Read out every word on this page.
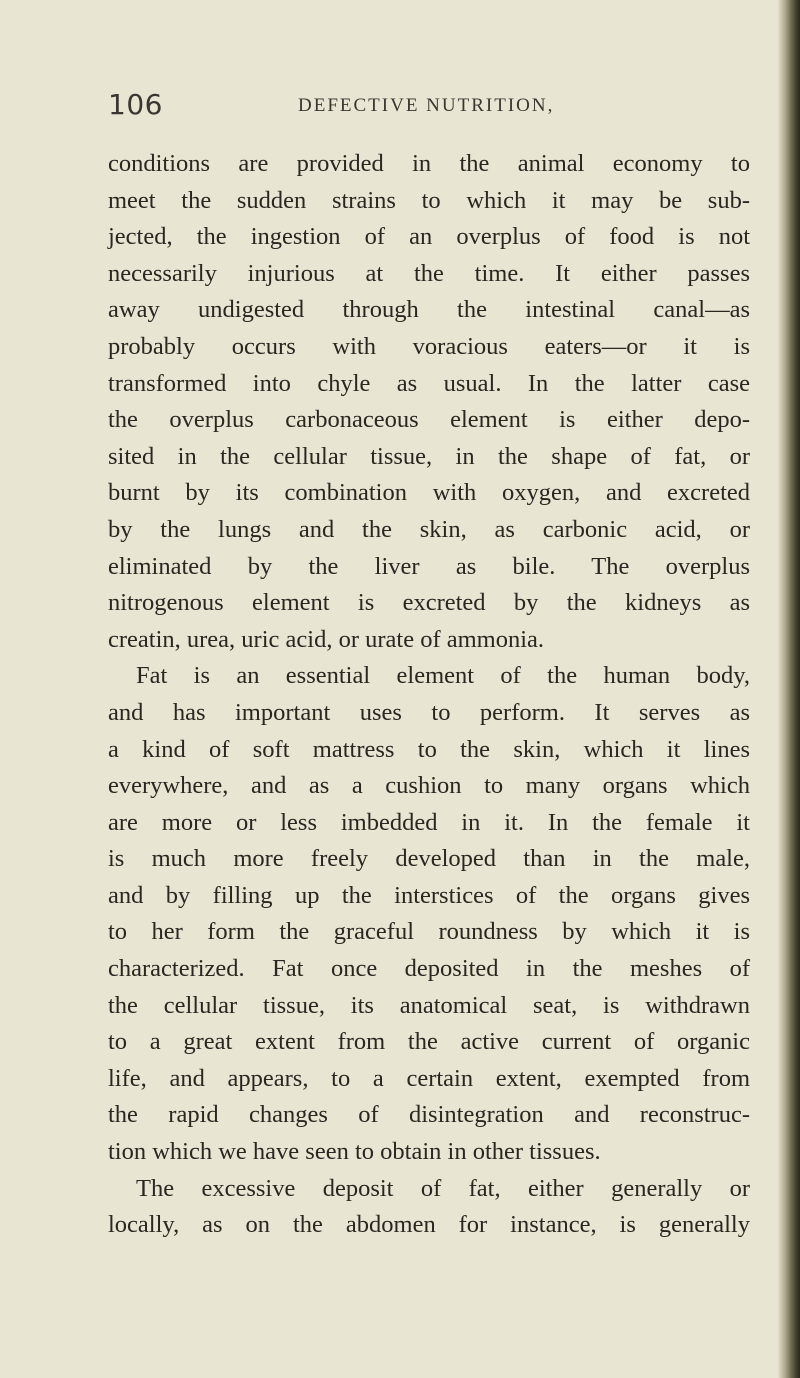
106	DEFECTIVE NUTRITION,
conditions are provided in the animal economy to
meet the sudden strains to which it may be sub-
jected, the ingestion of an overplus of food is not
necessarily injurious at the time. It either passes
away undigested through the intestinal canal—as
probably occurs with voracious eaters—or it is
transformed into chyle as usual. In the latter case
the overplus carbonaceous element is either depo-
sited in the cellular tissue, in the shape of fat, or
burnt by its combination with oxygen, and excreted
by the lungs and the skin, as carbonic acid, or
eliminated by the liver as bile. The overplus
nitrogenous element is excreted by the kidneys as
creatin, urea, uric acid, or urate of ammonia.
Fat is an essential element of the human body,
and has important uses to perform. It serves as
a kind of soft mattress to the skin, which it lines
everywhere, and as a cushion to many organs which
are more or less imbedded in it. In the female it
is much more freely developed than in the male,
and by filling up the interstices of the organs gives
to her form the graceful roundness by which it is
characterized. Fat once deposited in the meshes of
the cellular tissue, its anatomical seat, is withdrawn
to a great extent from the active current of organic
life, and appears, to a certain extent, exempted from
the rapid changes of disintegration and reconstruc-
tion which we have seen to obtain in other tissues.
The excessive deposit of fat, either generally or
locally, as on the abdomen for instance, is generally
